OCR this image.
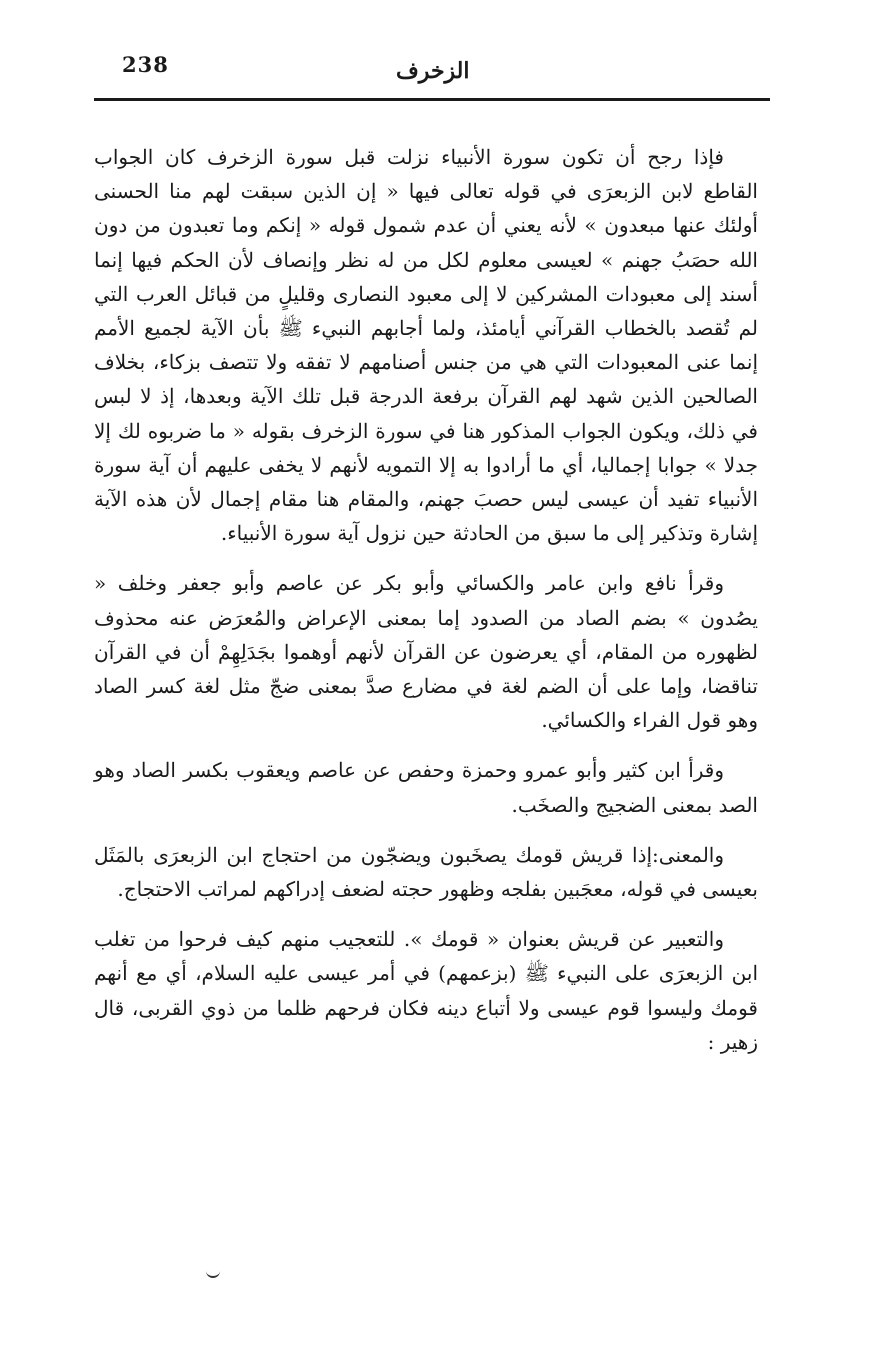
238	الزخرف

فإذا رجح أن تكون سورة الأنبياء نزلت قبل سورة الزخرف كان الجواب القاطع لابن الزبعرَى في قوله تعالى فيها « إن الذين سبقت لهم منا الحسنى أولئك عنها مبعدون » لأنه يعني أن عدم شمول قوله « إنكم وما تعبدون من دون الله حصَبُ جهنم » لعيسى معلوم لكل من له نظر وإنصاف لأن الحكم فيها إنما أسند إلى معبودات المشركين لا إلى معبود النصارى وقليلٍ من قبائل العرب التي لم تُقصد بالخطاب القرآني أيامئذ، ولما أجابهم النبيء ﷺ بأن الآية لجميع الأمم إنما عنى المعبودات التي هي من جنس أصنامهم لا تفقه ولا تتصف بزكاء، بخلاف الصالحين الذين شهد لهم القرآن برفعة الدرجة قبل تلك الآية وبعدها، إذ لا لبس في ذلك، ويكون الجواب المذكور هنا في سورة الزخرف بقوله « ما ضربوه لك إلا جدلا » جوابا إجماليا، أي ما أرادوا به إلا التمويه لأنهم لا يخفى عليهم أن آية سورة الأنبياء تفيد أن عيسى ليس حصبَ جهنم، والمقام هنا مقام إجمال لأن هذه الآية إشارة وتذكير إلى ما سبق من الحادثة حين نزول آية سورة الأنبياء.

وقرأ نافع وابن عامر والكسائي وأبو بكر عن عاصم وأبو جعفر وخلف « يصُدون » بضم الصاد من الصدود إما بمعنى الإعراض والمُعرَض عنه محذوف لظهوره من المقام، أي يعرضون عن القرآن لأنهم أوهموا بجَدَلِهِمْ أن في القرآن تناقضا، وإما على أن الضم لغة في مضارع صدَّ بمعنى ضجّ مثل لغة كسر الصاد وهو قول الفراء والكسائي.

وقرأ ابن كثير وأبو عمرو وحمزة وحفص عن عاصم ويعقوب بكسر الصاد وهو الصد بمعنى الضجيج والصخَب.

والمعنى:إذا قريش قومك يصخَبون ويضجّون من احتجاج ابن الزبعرَى بالمَثَل بعيسى في قوله، معجَبين بفلجه وظهور حجته لضعف إدراكهم لمراتب الاحتجاج.

والتعبير عن قريش بعنوان « قومك ». للتعجيب منهم كيف فرحوا من تغلب ابن الزبعرَى على النبيء ﷺ (بزعمهم) في أمر عيسى عليه السلام، أي مع أنهم قومك وليسوا قوم عيسى ولا أتباع دينه فكان فرحهم ظلما من ذوي القربى، قال زهير :
